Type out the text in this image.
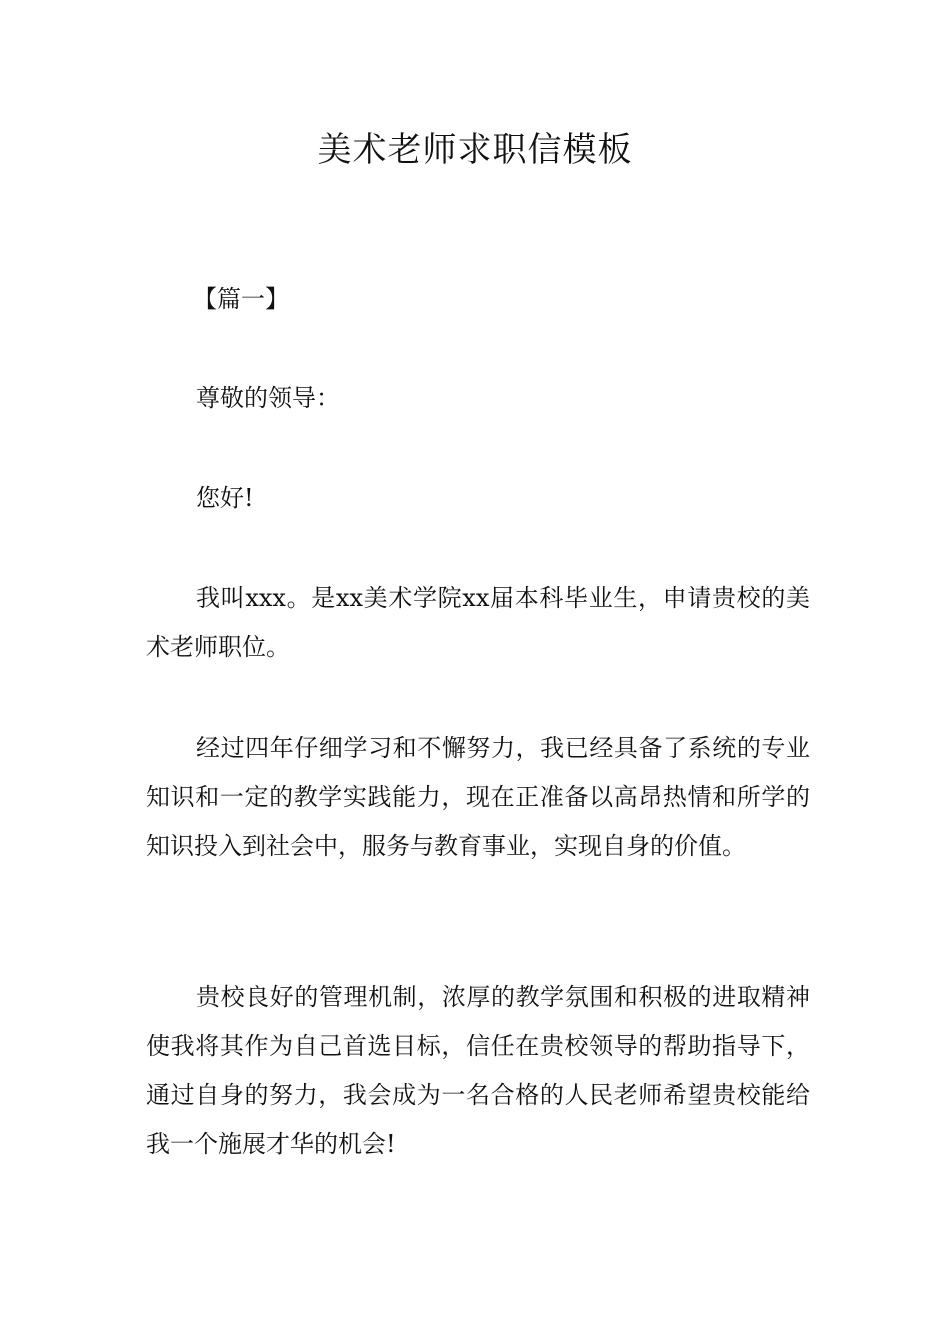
美术老师求职信模板
【篇一】

尊敬的领导：

您好!

我叫xxx。是xx美术学院xx届本科毕业生，申请贵校的美术老师职位。

经过四年仔细学习和不懈努力，我已经具备了系统的专业知识和一定的教学实践能力，现在正准备以高昂热情和所学的知识投入到社会中，服务与教育事业，实现自身的价值。

贵校良好的管理机制，浓厚的教学氛围和积极的进取精神使我将其作为自己首选目标，信任在贵校领导的帮助指导下，通过自身的努力，我会成为一名合格的人民老师希望贵校能给我一个施展才华的机会!
